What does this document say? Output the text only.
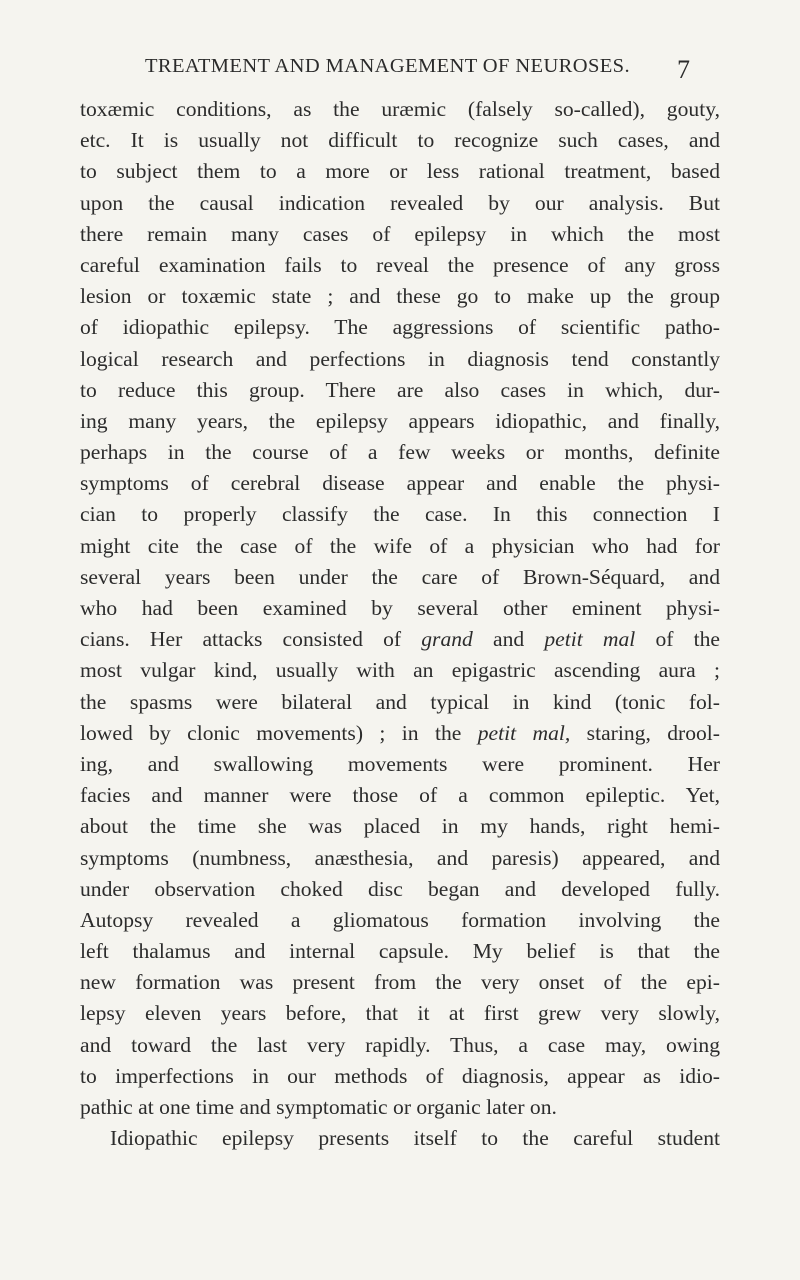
TREATMENT AND MANAGEMENT OF NEUROSES. 7
toxæmic conditions, as the uræmic (falsely so-called), gouty,
etc. It is usually not difficult to recognize such cases, and
to subject them to a more or less rational treatment, based
upon the causal indication revealed by our analysis. But
there remain many cases of epilepsy in which the most
careful examination fails to reveal the presence of any gross
lesion or toxæmic state ; and these go to make up the group
of idiopathic epilepsy. The aggressions of scientific patho-
logical research and perfections in diagnosis tend constantly
to reduce this group. There are also cases in which, dur-
ing many years, the epilepsy appears idiopathic, and finally,
perhaps in the course of a few weeks or months, definite
symptoms of cerebral disease appear and enable the physi-
cian to properly classify the case. In this connection I
might cite the case of the wife of a physician who had for
several years been under the care of Brown-Séquard, and
who had been examined by several other eminent physi-
cians. Her attacks consisted of grand and petit mal of the
most vulgar kind, usually with an epigastric ascending aura ;
the spasms were bilateral and typical in kind (tonic fol-
lowed by clonic movements) ; in the petit mal, staring, drool-
ing, and swallowing movements were prominent. Her
facies and manner were those of a common epileptic. Yet,
about the time she was placed in my hands, right hemi-
symptoms (numbness, anæsthesia, and paresis) appeared, and
under observation choked disc began and developed fully.
Autopsy revealed a gliomatous formation involving the
left thalamus and internal capsule. My belief is that the
new formation was present from the very onset of the epi-
lepsy eleven years before, that it at first grew very slowly,
and toward the last very rapidly. Thus, a case may, owing
to imperfections in our methods of diagnosis, appear as idio-
pathic at one time and symptomatic or organic later on.
Idiopathic epilepsy presents itself to the careful student
